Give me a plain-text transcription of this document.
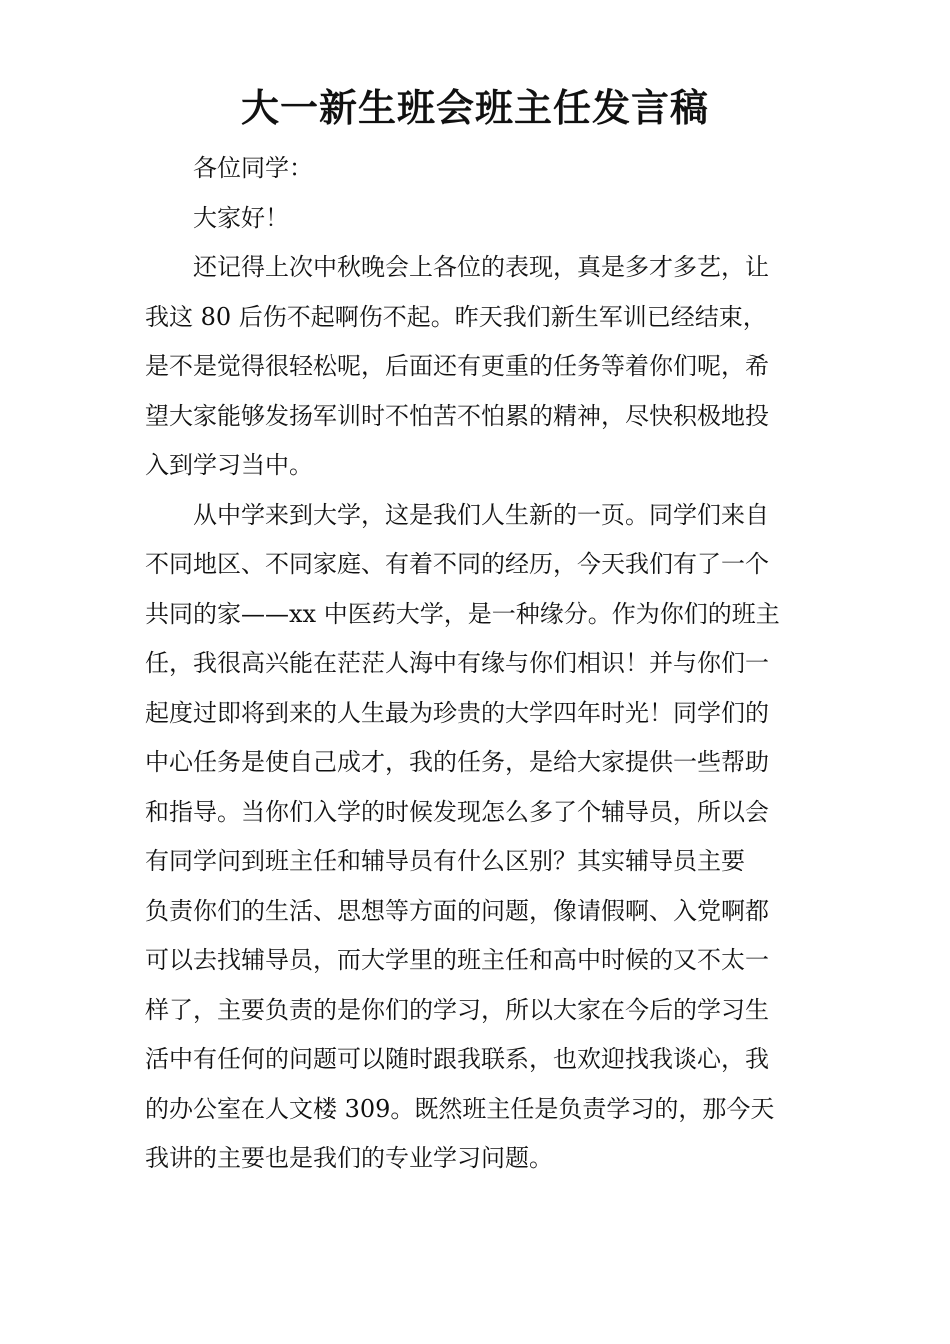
大一新生班会班主任发言稿

各位同学：

大家好！

还记得上次中秋晚会上各位的表现，真是多才多艺，让
我这 80 后伤不起啊伤不起。昨天我们新生军训已经结束，
是不是觉得很轻松呢，后面还有更重的任务等着你们呢，希
望大家能够发扬军训时不怕苦不怕累的精神，尽快积极地投
入到学习当中。

从中学来到大学，这是我们人生新的一页。同学们来自
不同地区、不同家庭、有着不同的经历，今天我们有了一个
共同的家——xx 中医药大学，是一种缘分。作为你们的班主
任，我很高兴能在茫茫人海中有缘与你们相识！并与你们一
起度过即将到来的人生最为珍贵的大学四年时光！同学们的
中心任务是使自己成才，我的任务，是给大家提供一些帮助
和指导。当你们入学的时候发现怎么多了个辅导员，所以会
有同学问到班主任和辅导员有什么区别？其实辅导员主要
负责你们的生活、思想等方面的问题，像请假啊、入党啊都
可以去找辅导员，而大学里的班主任和高中时候的又不太一
样了，主要负责的是你们的学习，所以大家在今后的学习生
活中有任何的问题可以随时跟我联系，也欢迎找我谈心，我
的办公室在人文楼 309。既然班主任是负责学习的，那今天
我讲的主要也是我们的专业学习问题。
